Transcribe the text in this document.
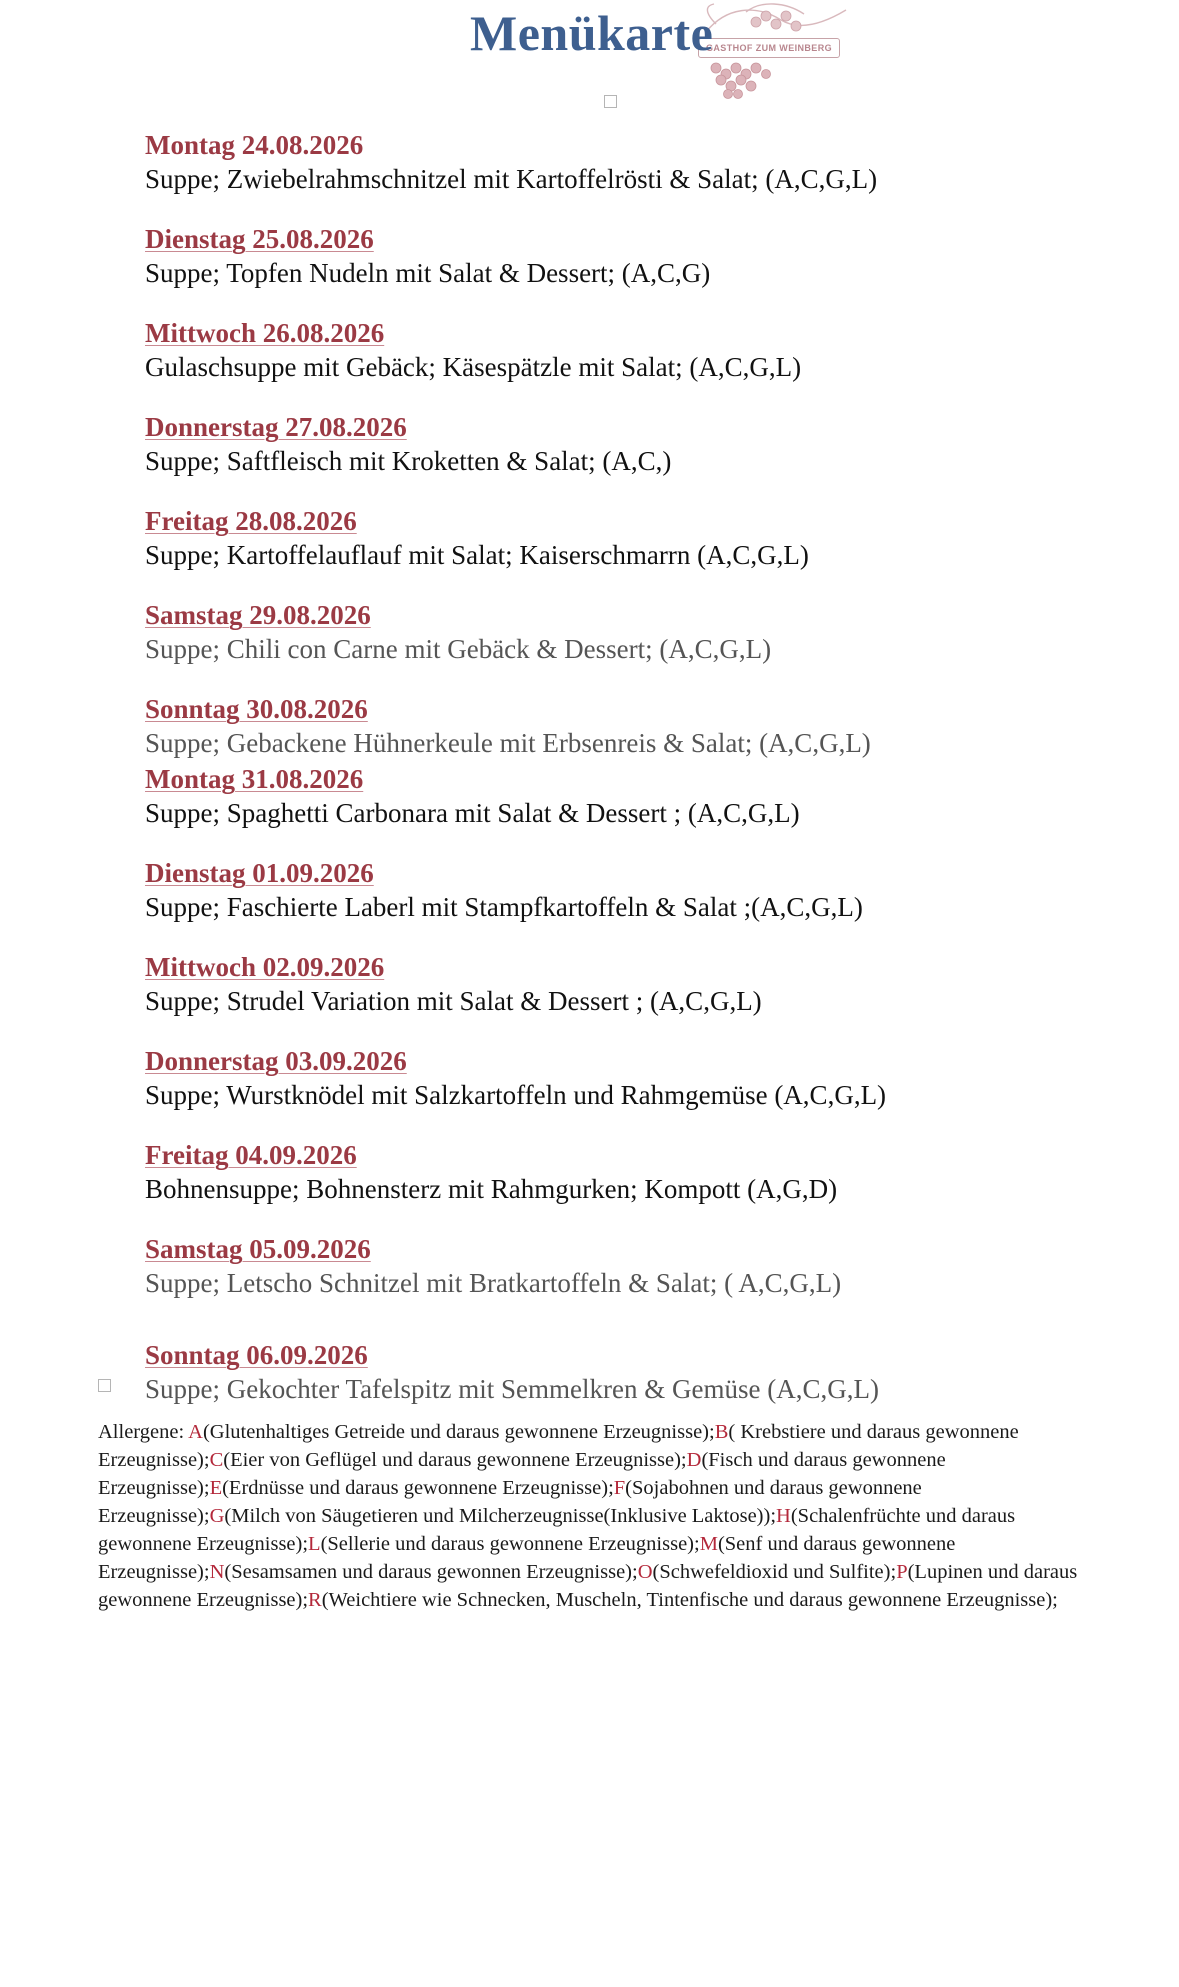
GASTHOF ZUM WEINBERG
Menükarte
Montag 24.08.2026
Suppe; Zwiebelrahmschnitzel mit Kartoffelrösti & Salat; (A,C,G,L)
Dienstag 25.08.2026
Suppe; Topfen Nudeln mit Salat & Dessert; (A,C,G)
Mittwoch 26.08.2026
Gulaschsuppe mit Gebäck; Käsespätzle mit Salat; (A,C,G,L)
Donnerstag 27.08.2026
Suppe; Saftfleisch mit Kroketten & Salat; (A,C,)
Freitag 28.08.2026
Suppe; Kartoffelauflauf mit Salat; Kaiserschmarrn (A,C,G,L)
Samstag 29.08.2026
Suppe; Chili con Carne mit Gebäck & Dessert; (A,C,G,L)
Sonntag 30.08.2026
Suppe; Gebackene Hühnerkeule mit Erbsenreis & Salat; (A,C,G,L)
Montag 31.08.2026
Suppe; Spaghetti Carbonara mit Salat & Dessert ; (A,C,G,L)
Dienstag 01.09.2026
Suppe; Faschierte Laberl mit Stampfkartoffeln & Salat ;(A,C,G,L)
Mittwoch 02.09.2026
Suppe; Strudel Variation mit Salat & Dessert ; (A,C,G,L)
Donnerstag 03.09.2026
Suppe; Wurstknödel mit Salzkartoffeln und Rahmgemüse (A,C,G,L)
Freitag 04.09.2026
Bohnensuppe; Bohnensterz mit Rahmgurken; Kompott (A,G,D)
Samstag 05.09.2026
Suppe; Letscho Schnitzel mit Bratkartoffeln & Salat; ( A,C,G,L)
Sonntag 06.09.2026
Suppe; Gekochter Tafelspitz mit Semmelkren & Gemüse (A,C,G,L)
Allergene: A(Glutenhaltiges Getreide und daraus gewonnene Erzeugnisse);B( Krebstiere und daraus gewonnene Erzeugnisse);C(Eier von Geflügel und daraus gewonnene Erzeugnisse);D(Fisch und daraus gewonnene Erzeugnisse);E(Erdnüsse und daraus gewonnene Erzeugnisse);F(Sojabohnen und daraus gewonnene Erzeugnisse);G(Milch von Säugetieren und Milcherzeugnisse(Inklusive Laktose));H(Schalenfrüchte und daraus gewonnene Erzeugnisse);L(Sellerie und daraus gewonnene Erzeugnisse);M(Senf und daraus gewonnene Erzeugnisse);N(Sesamsamen und daraus gewonnen Erzeugnisse);O(Schwefeldioxid und Sulfite);P(Lupinen und daraus gewonnene Erzeugnisse);R(Weichtiere wie Schnecken, Muscheln, Tintenfische und daraus gewonnene Erzeugnisse);
